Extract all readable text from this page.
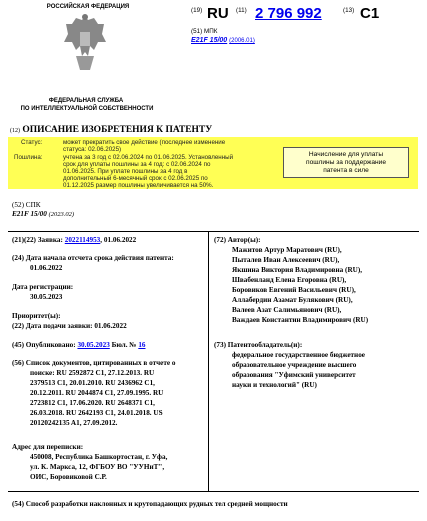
РОССИЙСКАЯ ФЕДЕРАЦИЯ
ФЕДЕРАЛЬНАЯ СЛУЖБА
ПО ИНТЕЛЛЕКТУАЛЬНОЙ СОБСТВЕННОСТИ
(19) RU (11) 2 796 992	(13) C1
(51) МПК
E21F 15/00 (2006.01)
(12) ОПИСАНИЕ ИЗОБРЕТЕНИЯ К ПАТЕНТУ
Статус:	может прекратить свое действие (последнее изменение
статуса: 02.06.2025)
Пошлина:	учтена за 3 год с 02.06.2024 по 01.06.2025. Установленный
срок для уплаты пошлины за 4 год: с 02.06.2024 по
01.06.2025. При уплате пошлины за 4 год в
дополнительный 6-месячный срок с 02.06.2025 по
01.12.2025 размер пошлины увеличивается на 50%.
Начисление для уплаты
пошлины за поддержание
патента в силе
(52) СПК
E21F 15/00 (2023.02)
(21)(22) Заявка: 2022114953, 01.06.2022
(24) Дата начала отсчета срока действия патента:
01.06.2022
Дата регистрации:
30.05.2023
Приоритет(ы):
(22) Дата подачи заявки: 01.06.2022
(45) Опубликовано: 30.05.2023 Бюл. № 16
(56) Список документов, цитированных в отчете о
поиске: RU 2592872 C1, 27.12.2013. RU
2379513 C1, 20.01.2010. RU 2436962 C1,
20.12.2011. RU 2044874 C1, 27.09.1995. RU
2723812 C1, 17.06.2020. RU 2648371 C1,
26.03.2018. RU 2642193 C1, 24.01.2018. US
20120242135 A1, 27.09.2012.
Адрес для переписки:
450008, Республика Башкортостан, г. Уфа,
ул. К. Маркса, 12, ФГБОУ ВО "УУНиТ",
ОИС, Боровиковой С.Р.
(72) Автор(ы):
Мажитов Артур Маратович (RU),
Пыталев Иван Алексеевич (RU),
Якшина Виктория Владимировна (RU),
Швабенланд Елена Егоровна (RU),
Боровиков Евгений Васильевич (RU),
Аллабердин Азамат Булякович (RU),
Валеев Азат Салимьянович (RU),
Важдаев Константин Владимирович (RU)
(73) Патентообладатель(и):
федеральное государственное бюджетное
образовательное учреждение высшего
образования "Уфимский университет
науки и технологий" (RU)
(54) Способ разработки наклонных и крутопадающих рудных тел средней мощности
